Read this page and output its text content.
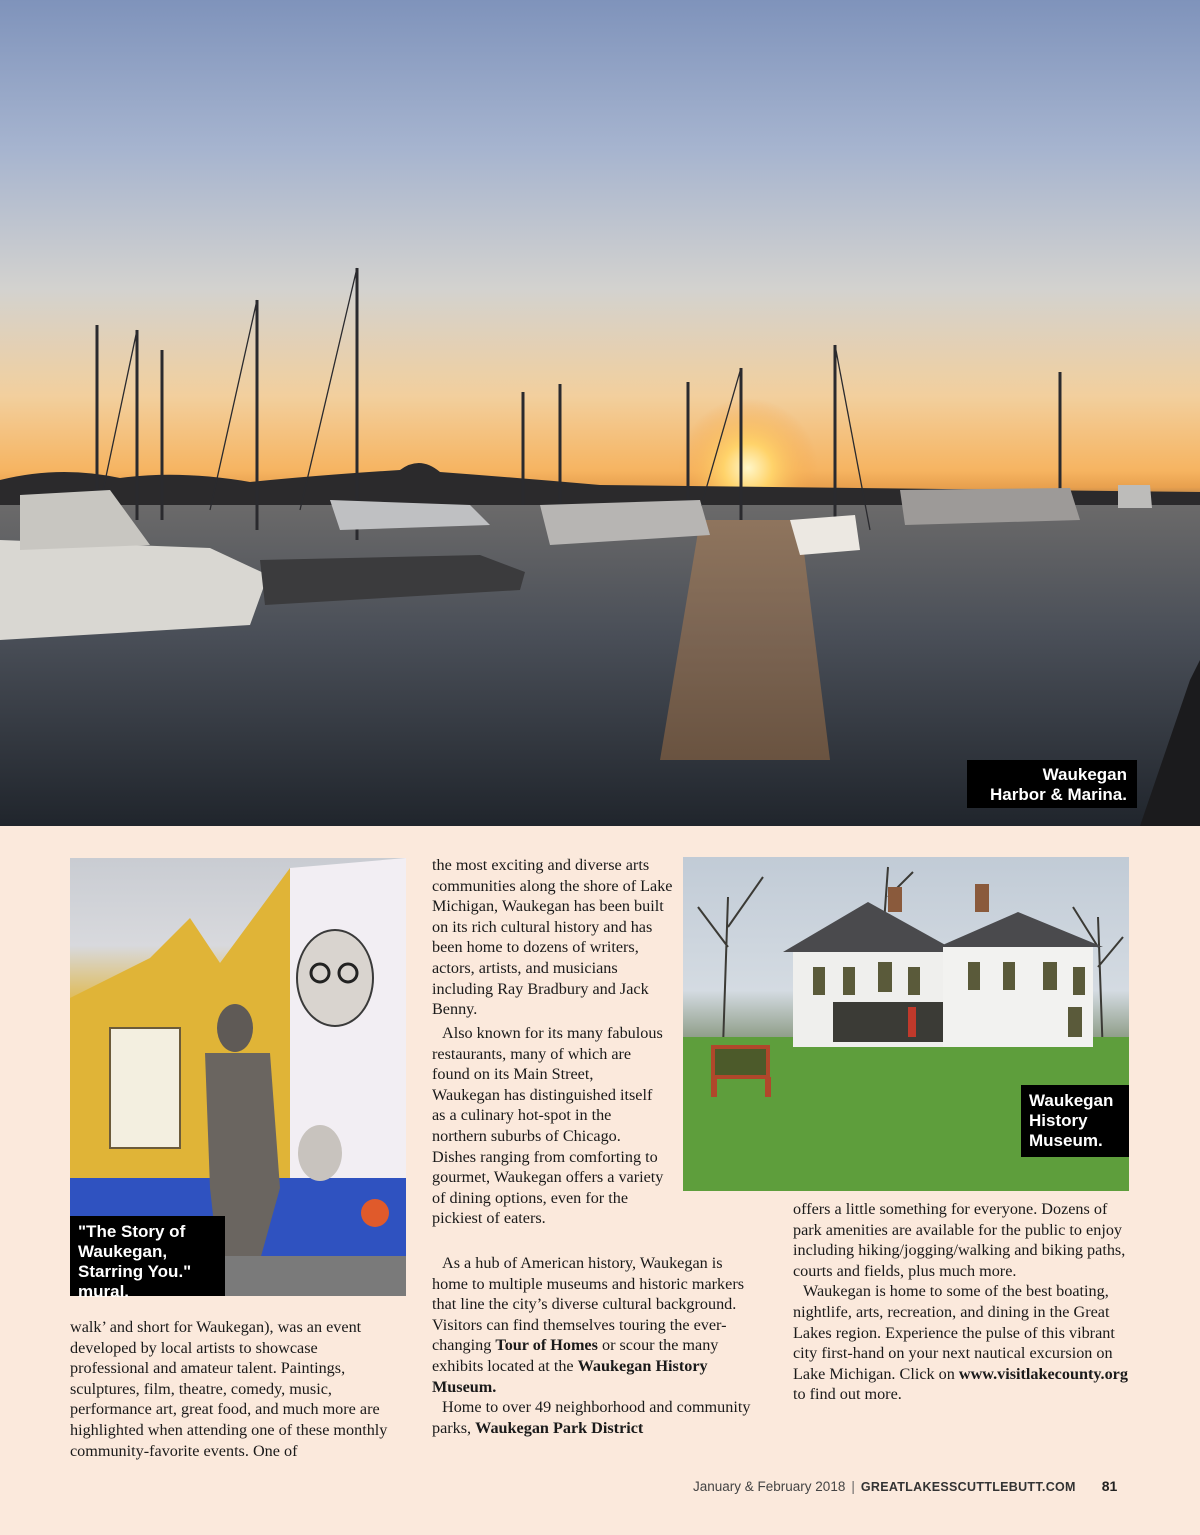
Waukegan
Harbor & Marina.
"The Story of
Waukegan,
Starring You."
mural.
Waukegan
History
Museum.

walk’ and short for Waukegan), was an event developed by local artists to showcase professional and amateur talent. Paintings, sculptures, film, theatre, comedy, music, performance art, great food, and much more are highlighted when attending one of these monthly community-favorite events. One of

the most exciting and diverse arts communities along the shore of Lake Michigan, Waukegan has been built on its rich cultural history and has been home to dozens of writers, actors, artists, and musicians including Ray Bradbury and Jack Benny.

Also known for its many fabulous restaurants, many of which are found on its Main Street, Waukegan has distinguished itself as a culinary hot-spot in the northern suburbs of Chicago. Dishes ranging from comforting to gourmet, Waukegan offers a variety of dining options, even for the pickiest of eaters.

As a hub of American history, Waukegan is home to multiple museums and historic markers that line the city’s diverse cultural background. Visitors can find themselves touring the ever-changing Tour of Homes or scour the many exhibits located at the Waukegan History Museum.

Home to over 49 neighborhood and community parks, Waukegan Park District

offers a little something for everyone. Dozens of park amenities are available for the public to enjoy including hiking/jogging/walking and biking paths, courts and fields, plus much more.

Waukegan is home to some of the best boating, nightlife, arts, recreation, and dining in the Great Lakes region. Experience the pulse of this vibrant city first-hand on your next nautical excursion on Lake Michigan. Click on www.visitlakecounty.org to find out more.

January & February 2018 | GREATLAKESSCUTTLEBUTT.COM 81
